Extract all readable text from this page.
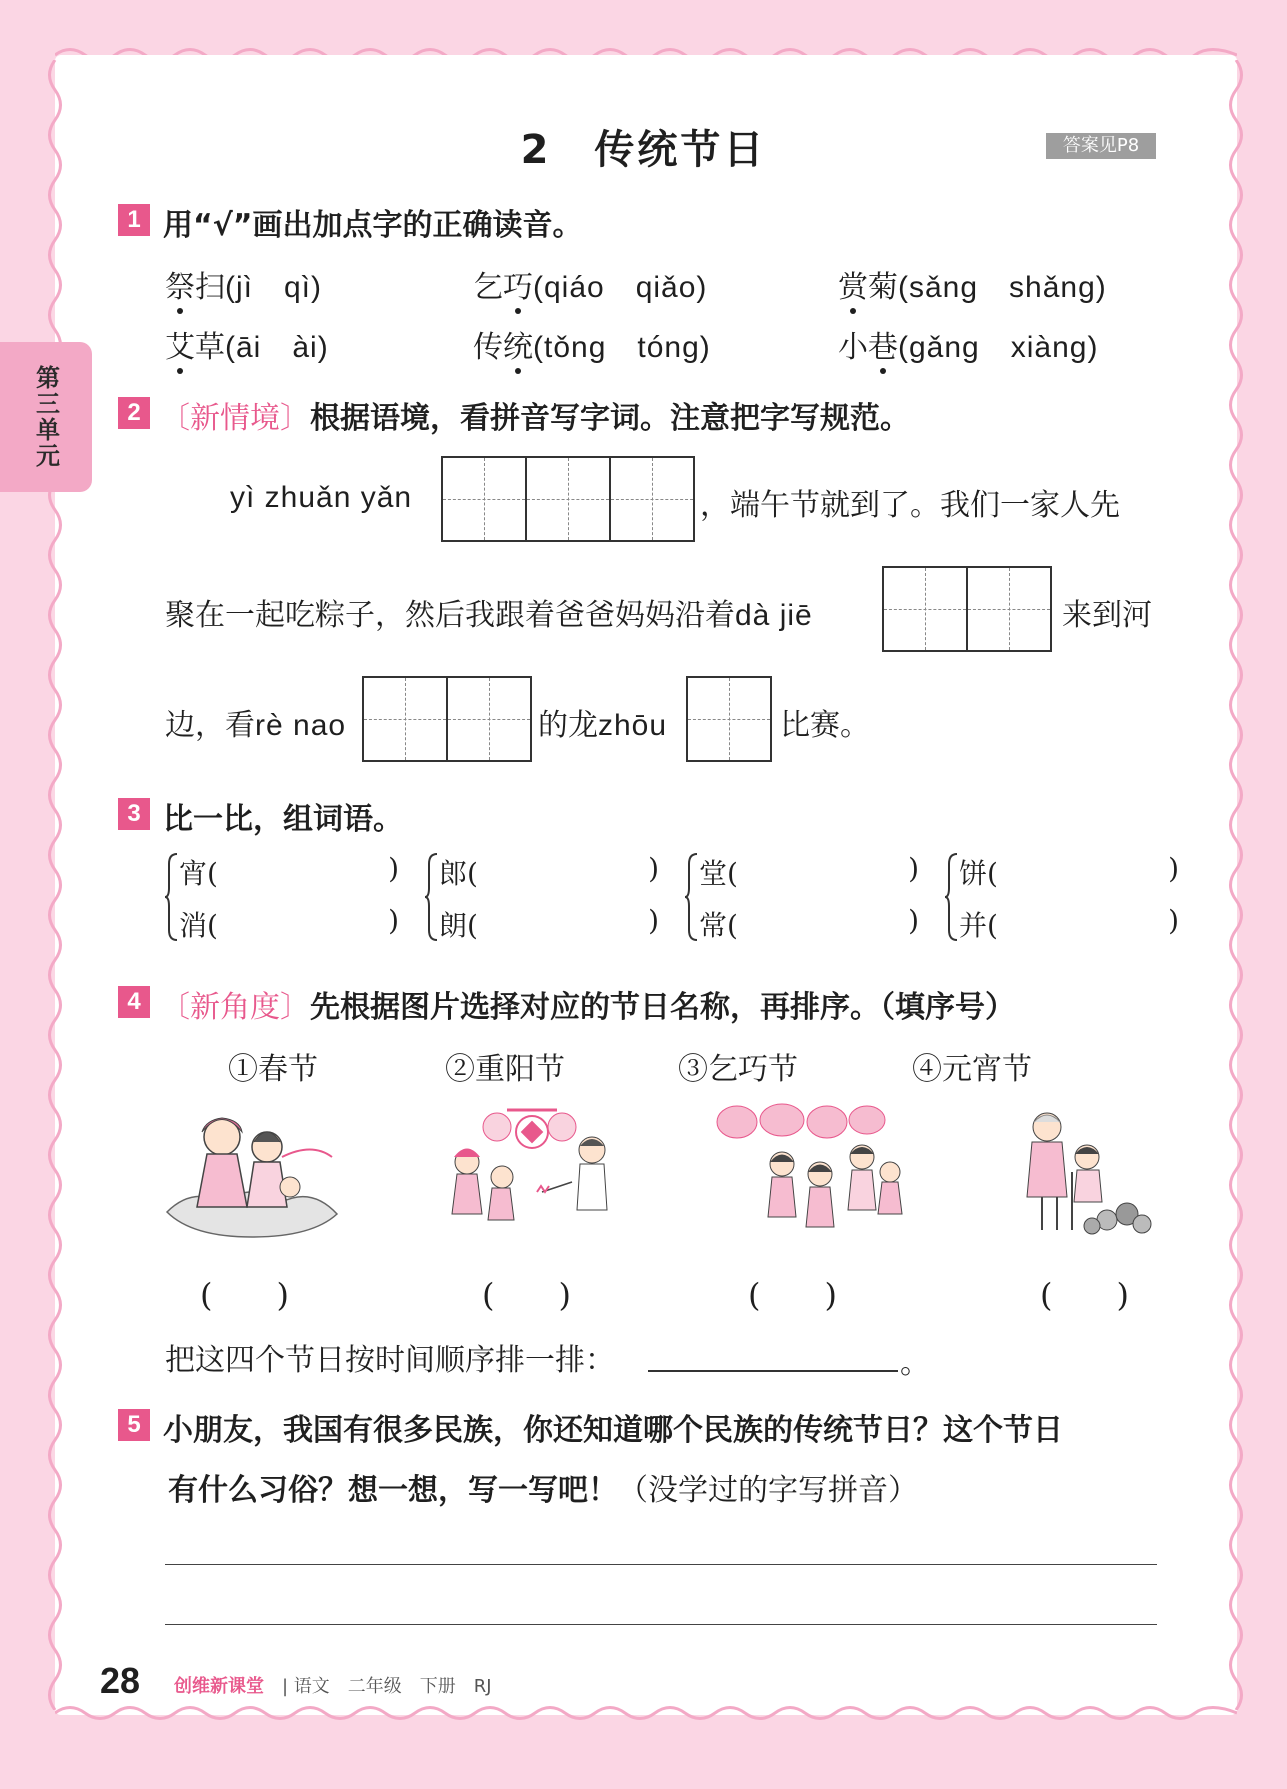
第三单元
2　传统节日	答案见P8
1 用“√”画出加点字的正确读音。
祭扫(jì　qì)	乞巧(qiáo　qiǎo)	赏菊(sǎng　shǎng)
艾草(āi　ài)	传统(tǒng　tóng)	小巷(gǎng　xiàng)
2 〔新情境〕根据语境，看拼音写字词。注意把字写规范。
yì zhuǎn yǎn	，端午节就到了。我们一家人先
聚在一起吃粽子，然后我跟着爸爸妈妈沿着dà jiē	来到河
边，看rè nao	的龙zhōu	比赛。
3 比一比，组词语。
宵(	)
消(	)
郎(	)
朗(	)
堂(	)
常(	)
饼(	)
并(	)
4 〔新角度〕先根据图片选择对应的节日名称，再排序。（填序号）
①春节	②重阳节	③乞巧节	④元宵节
(　　)	(　　)	(　　)	(　　)
把这四个节日按时间顺序排一排：	。
5 小朋友，我国有很多民族，你还知道哪个民族的传统节日？这个节日
有什么习俗？想一想，写一写吧！（没学过的字写拼音）
28 创维新课堂 | 语文　二年级　下册　RJ
